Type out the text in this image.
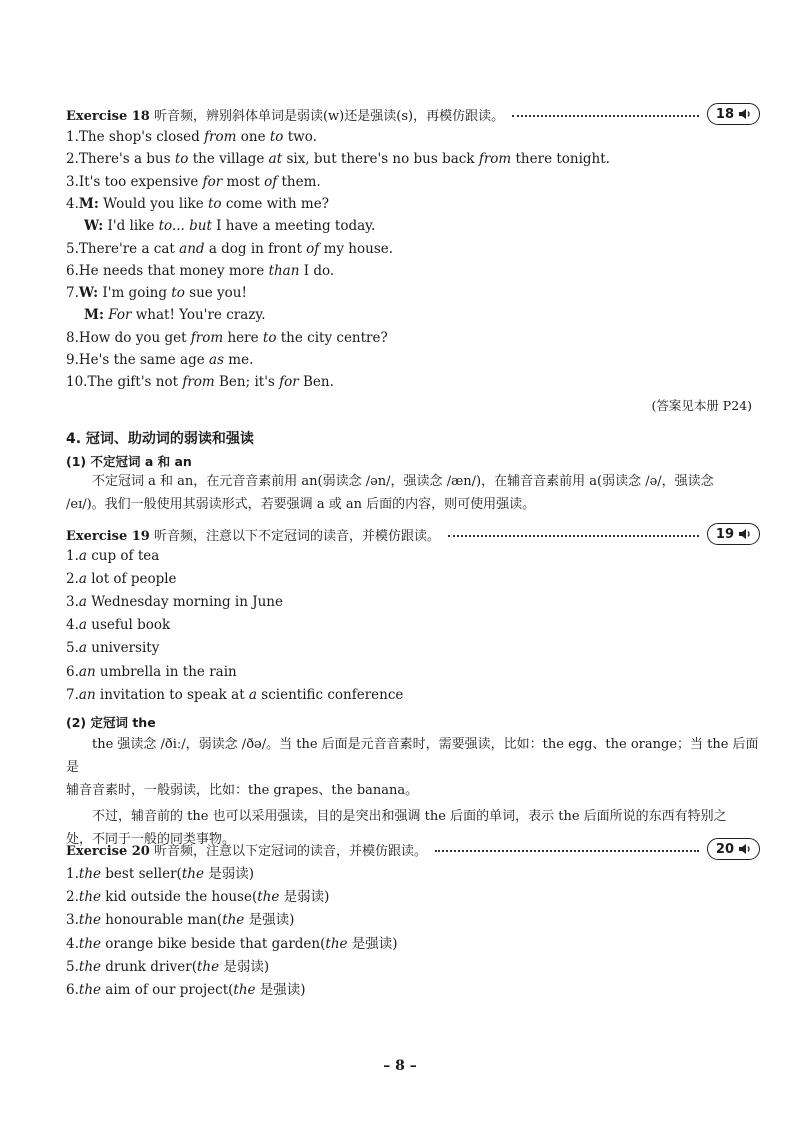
Exercise 18 听音频，辨别斜体单词是弱读(w)还是强读(s)，再模仿跟读。	18
1.The shop's closed from one to two.
2.There's a bus to the village at six, but there's no bus back from there tonight.
3.It's too expensive for most of them.
4.M: Would you like to come with me?
W: I'd like to... but I have a meeting today.
5.There're a cat and a dog in front of my house.
6.He needs that money more than I do.
7.W: I'm going to sue you!
M: For what! You're crazy.
8.How do you get from here to the city centre?
9.He's the same age as me.
10.The gift's not from Ben; it's for Ben.
(答案见本册 P24)
4. 冠词、助动词的弱读和强读
(1) 不定冠词 a 和 an

不定冠词 a 和 an，在元音音素前用 an(弱读念 /ən/，强读念 /æn/)，在辅音音素前用 a(弱读念 /ə/，强读念

/eɪ/)。我们一般使用其弱读形式，若要强调 a 或 an 后面的内容，则可使用强读。

Exercise 19 听音频，注意以下不定冠词的读音，并模仿跟读。	19
1.a cup of tea
2.a lot of people
3.a Wednesday morning in June
4.a useful book
5.a university
6.an umbrella in the rain
7.an invitation to speak at a scientific conference
(2) 定冠词 the

the 强读念 /ðiː/，弱读念 /ðə/。当 the 后面是元音音素时，需要强读，比如：the egg、the orange；当 the 后面是

辅音音素时，一般弱读，比如：the grapes、the banana。

不过，辅音前的 the 也可以采用强读，目的是突出和强调 the 后面的单词，表示 the 后面所说的东西有特别之

处，不同于一般的同类事物。

Exercise 20 听音频，注意以下定冠词的读音，并模仿跟读。	20
1.the best seller(the 是弱读)
2.the kid outside the house(the 是弱读)
3.the honourable man(the 是强读)
4.the orange bike beside that garden(the 是强读)
5.the drunk driver(the 是弱读)
6.the aim of our project(the 是强读)
– 8 –
